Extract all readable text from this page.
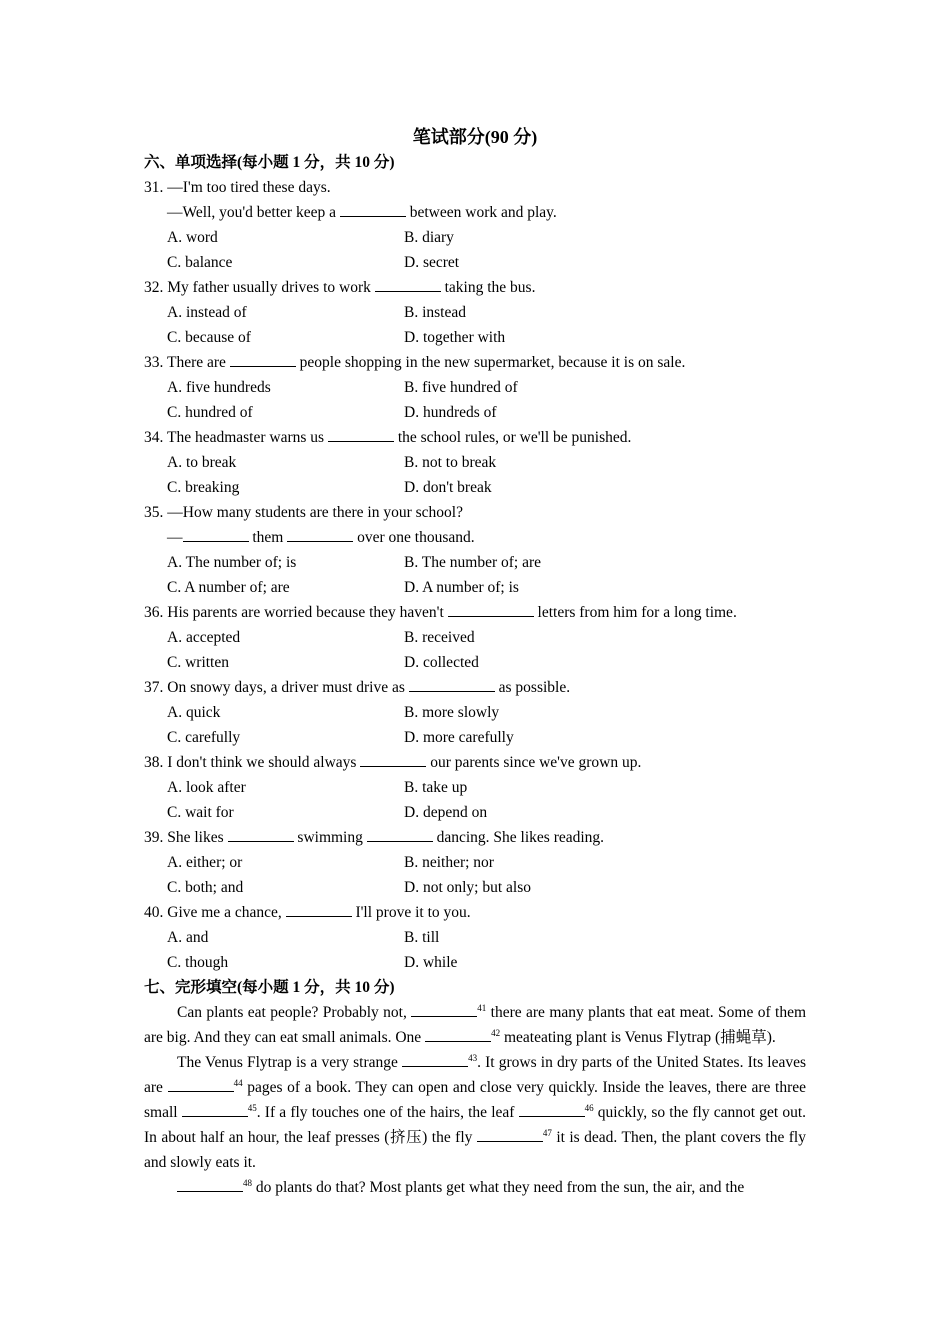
笔试部分(90 分)
六、单项选择(每小题 1 分，共 10 分)
31. —I'm too tired these days.
—Well, you'd better keep a	between work and play.
A. word	B. diary
C. balance	D. secret
32. My father usually drives to work	taking the bus.
A. instead of	B. instead
C. because of	D. together with
33. There are	people shopping in the new supermarket, because it is on sale.
A. five hundreds	B. five hundred of
C. hundred of	D. hundreds of
34. The headmaster warns us	the school rules, or we'll be punished.
A. to break	B. not to break
C. breaking	D. don't break
35. —How many students are there in your school?
—	them	over one thousand.
A. The number of; is	B. The number of; are
C. A number of; are	D. A number of; is
36. His parents are worried because they haven't	letters from him for a long time.
A. accepted	B. received
C. written	D. collected
37. On snowy days, a driver must drive as	as possible.
A. quick	B. more slowly
C. carefully	D. more carefully
38. I don't think we should always	our parents since we've grown up.
A. look after	B. take up
C. wait for	D. depend on
39. She likes	swimming	dancing. She likes reading.
A. either; or	B. neither; nor
C. both; and	D. not only; but also
40. Give me a chance,	I'll prove it to you.
A. and	B. till
C. though	D. while
七、完形填空(每小题 1 分，共 10 分)

Can plants eat people? Probably not,	$^{41}$ there are many plants that eat meat. Some of them are big. And they can eat small animals. One	$^{42}$ meateating plant is Venus Flytrap (捕蝇草).

The Venus Flytrap is a very strange	$^{43}$. It grows in dry parts of the United States. Its leaves are	$^{44}$ pages of a book. They can open and close very quickly. Inside the leaves, there are three small	$^{45}$. If a fly touches one of the hairs, the leaf	$^{46}$ quickly, so the fly cannot get out. In about half an hour, the leaf presses (挤压) the fly	$^{47}$ it is dead. Then, the plant covers the fly and slowly eats it.

$^{48}$ do plants do that? Most plants get what they need from the sun, the air, and the
